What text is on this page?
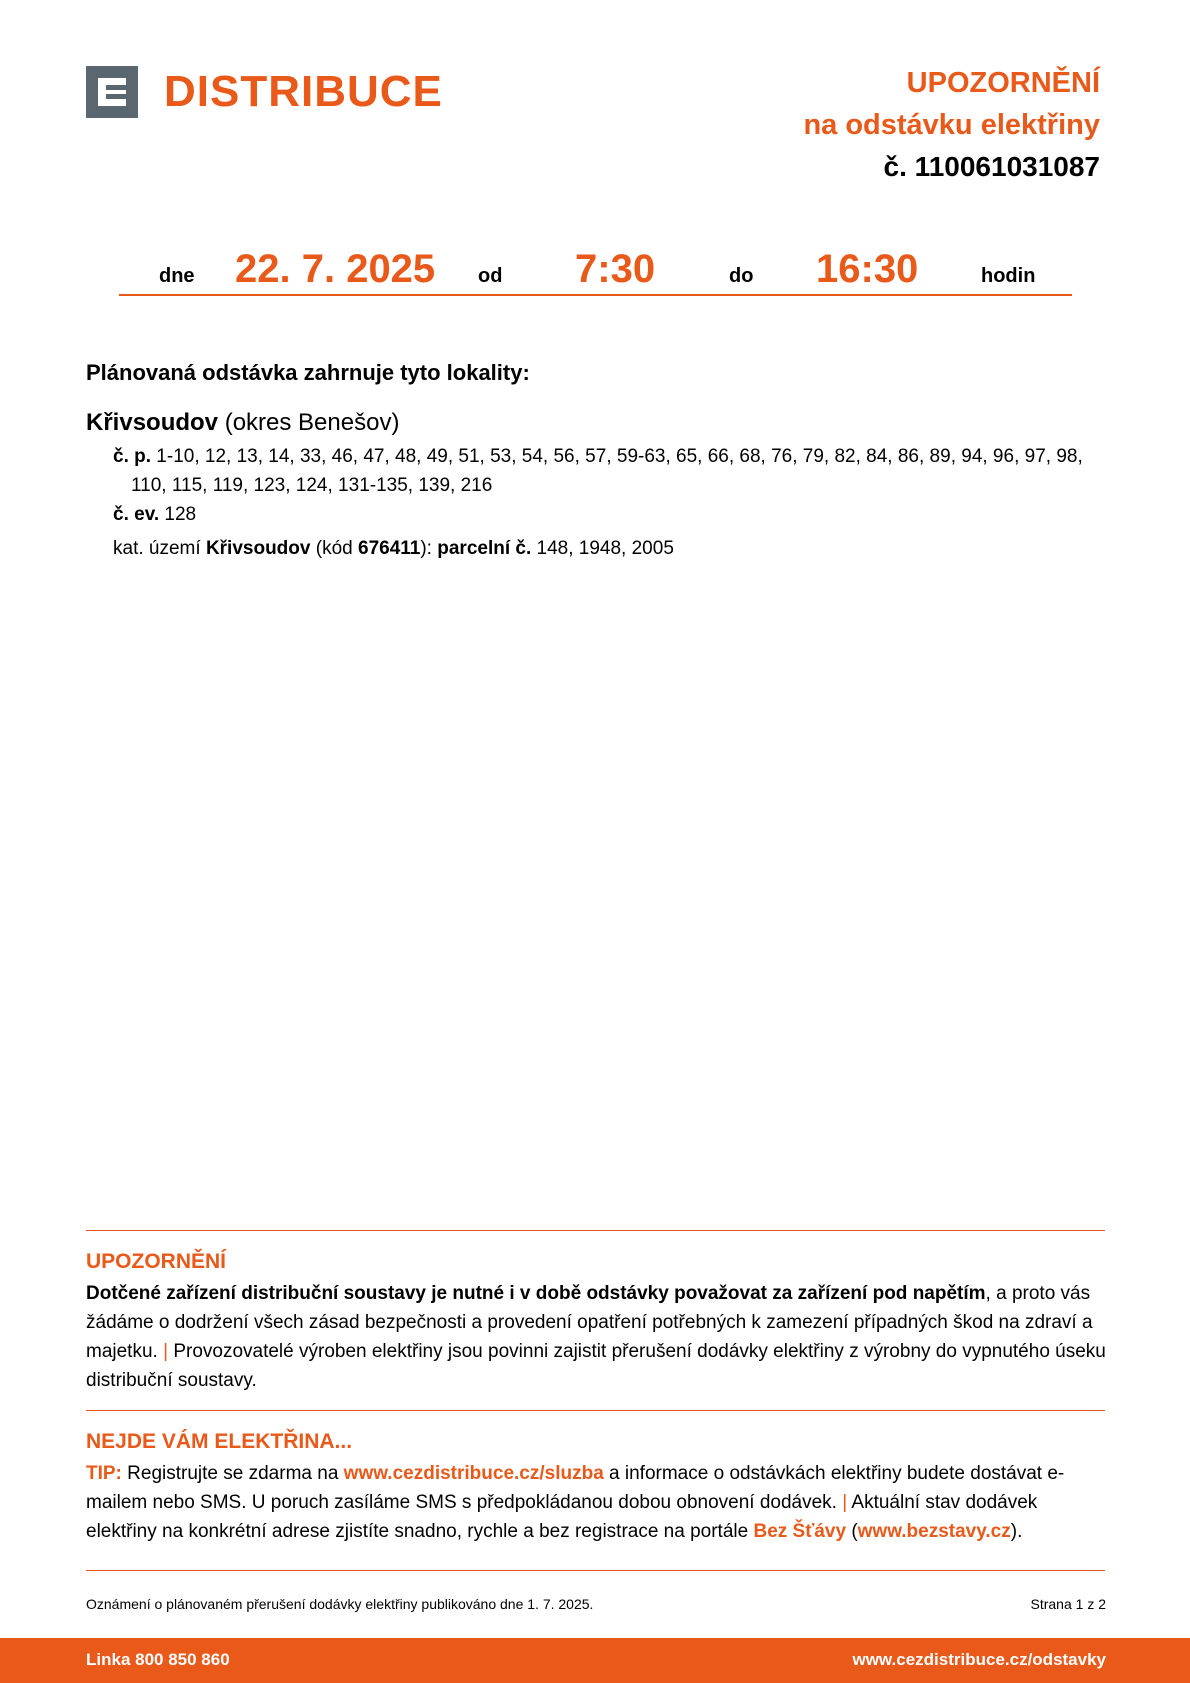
DISTRIBUCE	UPOZORNĚNÍ
na odstávku elektřiny
č. 110061031087
dne 22. 7. 2025 od 7:30	do 16:30	hodin
Plánovaná odstávka zahrnuje tyto lokality:
Křivsoudov (okres Benešov)
č. p. 1-10, 12, 13, 14, 33, 46, 47, 48, 49, 51, 53, 54, 56, 57, 59-63, 65, 66, 68, 76, 79, 82, 84, 86, 89, 94, 96, 97, 98, 110, 115, 119, 123, 124, 131-135, 139, 216
č. ev. 128
kat. území Křivsoudov (kód 676411): parcelní č. 148, 1948, 2005
UPOZORNĚNÍ

Dotčené zařízení distribuční soustavy je nutné i v době odstávky považovat za zařízení pod napětím, a proto vás žádáme o dodržení všech zásad bezpečnosti a provedení opatření potřebných k zamezení případných škod na zdraví a majetku. | Provozovatelé výroben elektřiny jsou povinni zajistit přerušení dodávky elektřiny z výrobny do vypnutého úseku distribuční soustavy.

NEJDE VÁM ELEKTŘINA...

TIP: Registrujte se zdarma na www.cezdistribuce.cz/sluzba a informace o odstávkách elektřiny budete dostávat e-mailem nebo SMS. U poruch zasíláme SMS s předpokládanou dobou obnovení dodávek. | Aktuální stav dodávek elektřiny na konkrétní adrese zjistíte snadno, rychle a bez registrace na portále Bez Šťávy (www.bezstavy.cz).

Oznámení o plánovaném přerušení dodávky elektřiny publikováno dne 1. 7. 2025.	Strana 1 z 2
Linka 800 850 860	www.cezdistribuce.cz/odstavky
